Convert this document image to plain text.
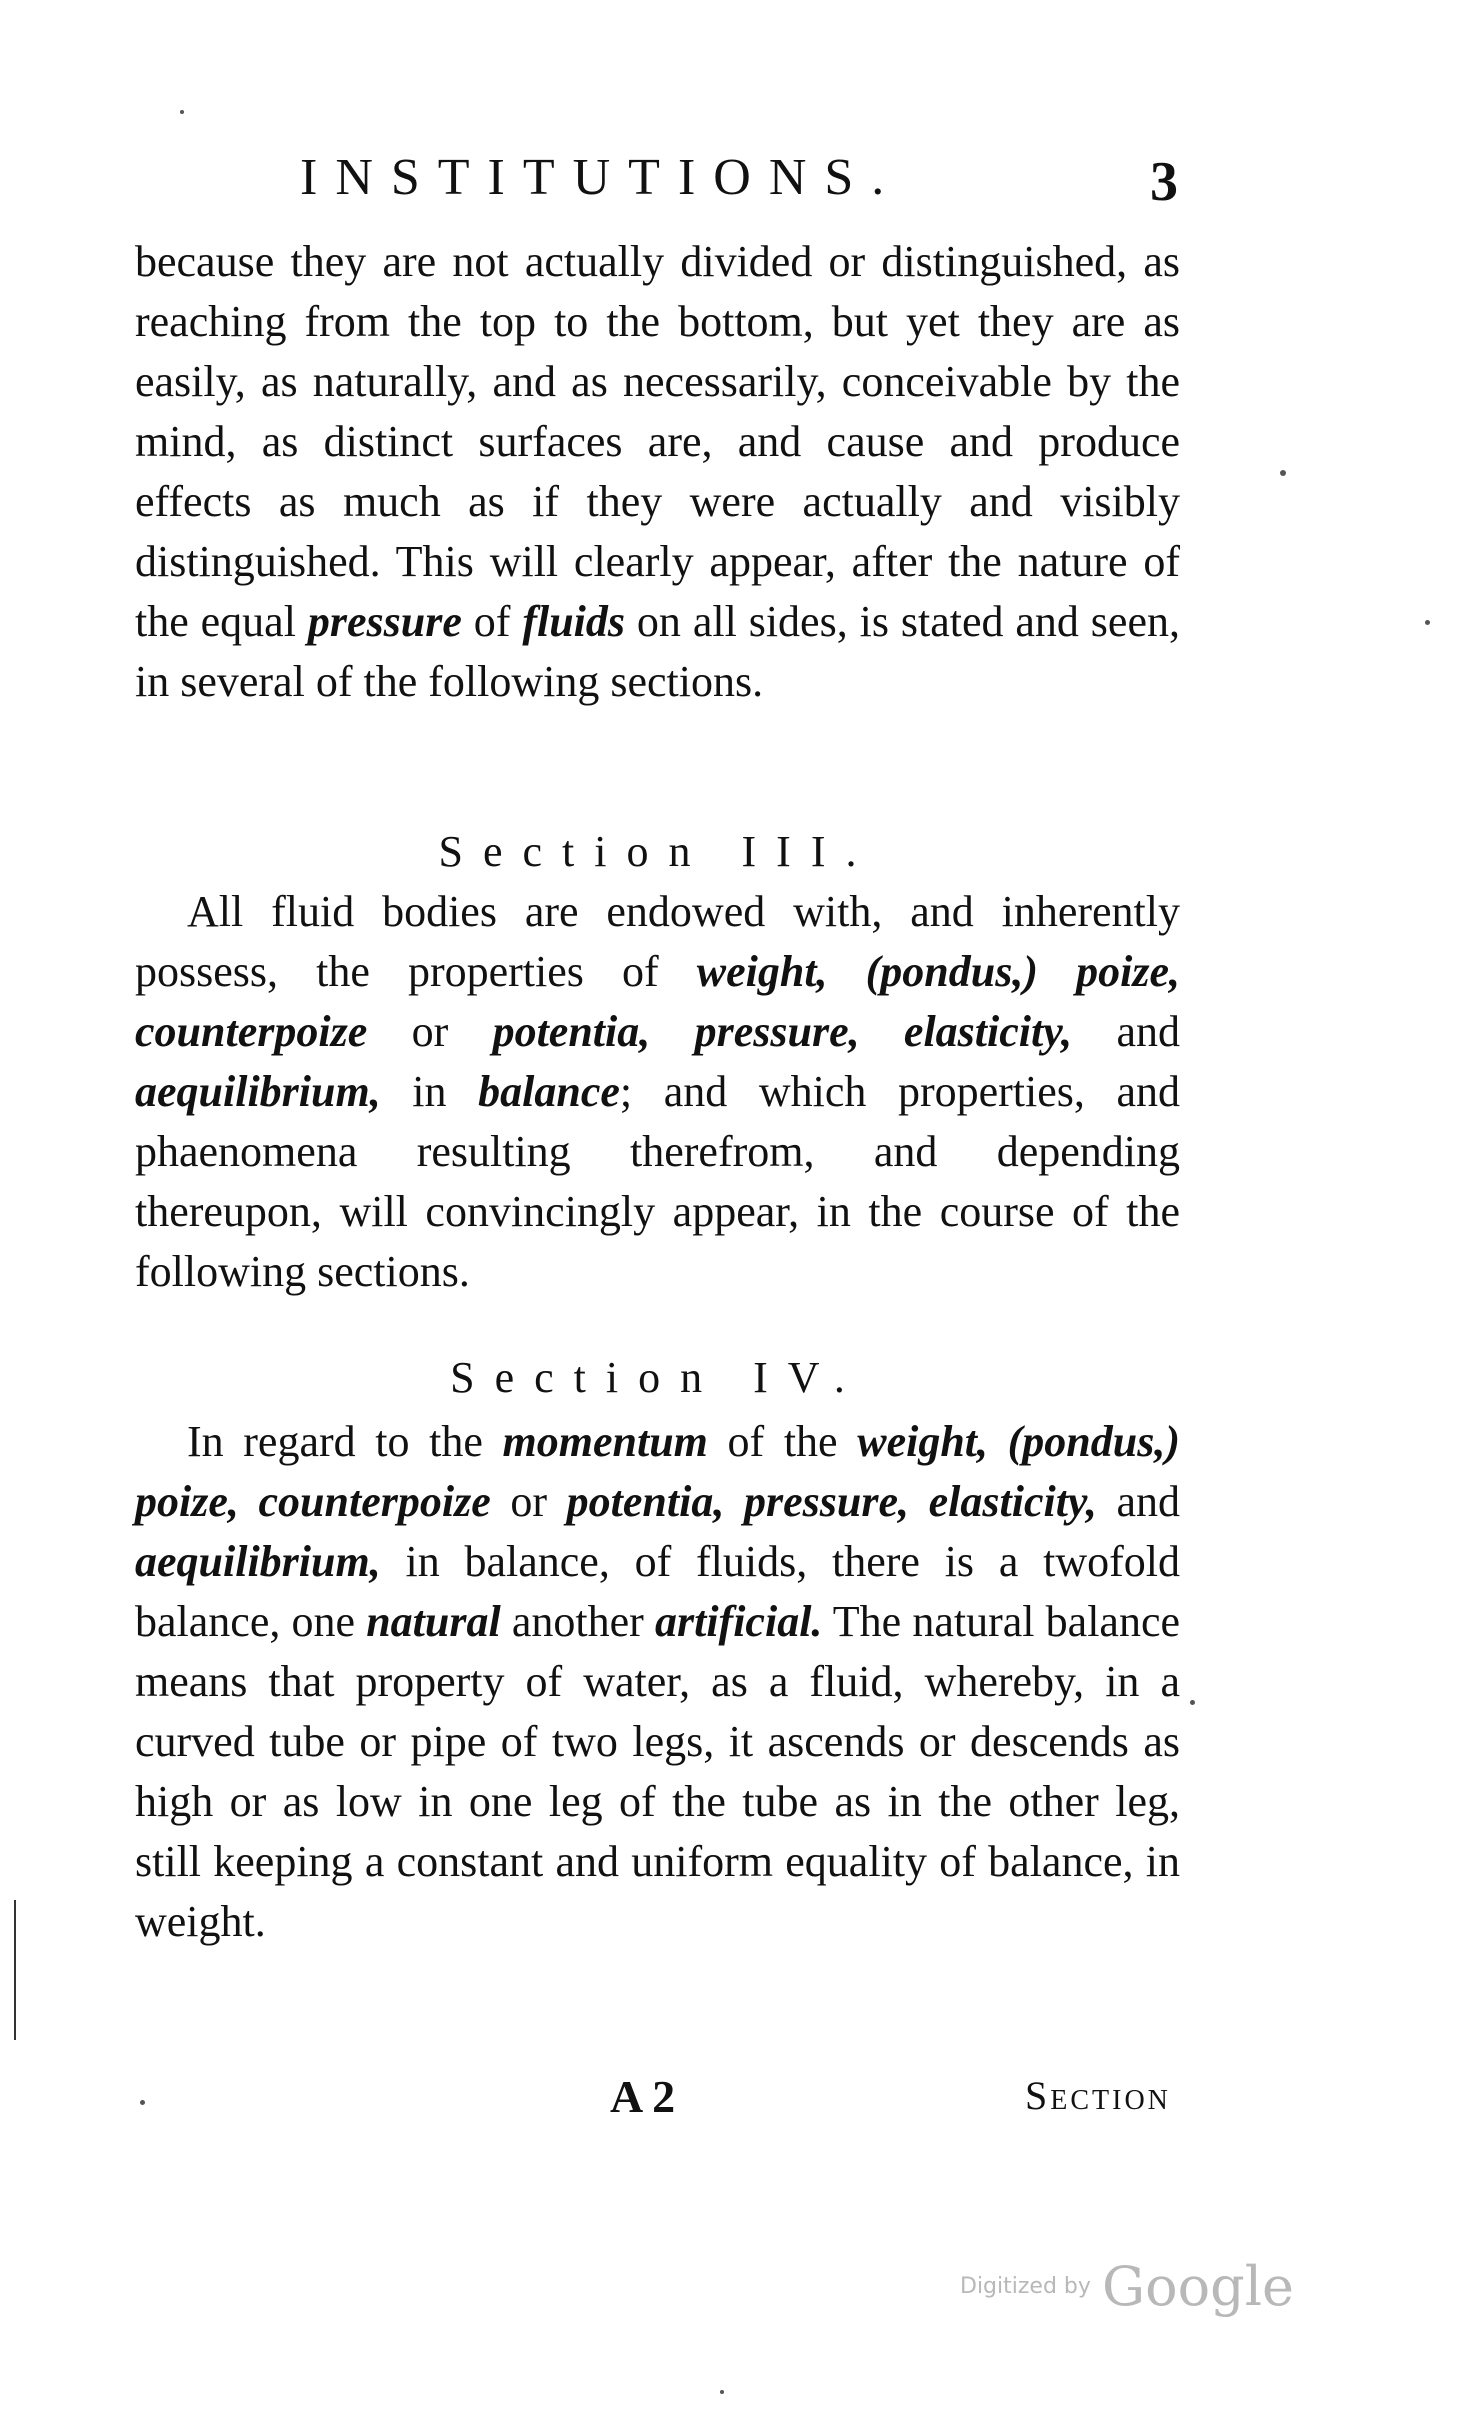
INSTITUTIONS.	3

because they are not actually divided or distinguished, as reaching from the top to the bottom, but yet they are as easily, as naturally, and as necessarily, conceivable by the mind, as distinct surfaces are, and cause and produce effects as much as if they were actually and visibly distinguished. This will clearly appear, after the nature of the equal pressure of fluids on all sides, is stated and seen, in several of the following sections.

Section III.

All fluid bodies are endowed with, and inherently possess, the properties of weight, (pondus,) poize, counterpoize or potentia, pressure, elasticity, and aequilibrium, in balance; and which properties, and phaenomena resulting therefrom, and depending thereupon, will convincingly appear, in the course of the following sections.

Section IV.

In regard to the momentum of the weight, (pondus,) poize, counterpoize or potentia, pressure, elasticity, and aequilibrium, in balance, of fluids, there is a twofold balance, one natural another artificial. The natural balance means that property of water, as a fluid, whereby, in a curved tube or pipe of two legs, it ascends or descends as high or as low in one leg of the tube as in the other leg, still keeping a constant and uniform equality of balance, in weight.

A 2	Section
Digitized by Google
